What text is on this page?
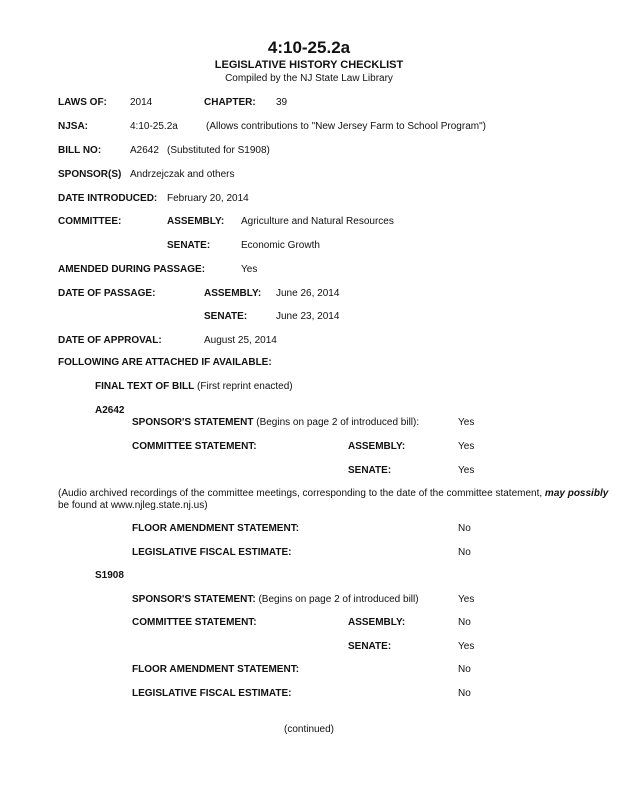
4:10-25.2a
LEGISLATIVE HISTORY CHECKLIST
Compiled by the NJ State Law Library
LAWS OF: 2014	CHAPTER: 39
NJSA:	4:10-25.2a	(Allows contributions to "New Jersey Farm to School Program")
BILL NO:	A2642 (Substituted for S1908)
SPONSOR(S) Andrzejczak and others
DATE INTRODUCED: February 20, 2014
COMMITTEE:	ASSEMBLY: Agriculture and Natural Resources
SENATE:	Economic Growth
AMENDED DURING PASSAGE:	Yes
DATE OF PASSAGE:	ASSEMBLY: June 26, 2014
SENATE:	June 23, 2014
DATE OF APPROVAL:	August 25, 2014
FOLLOWING ARE ATTACHED IF AVAILABLE:
FINAL TEXT OF BILL (First reprint enacted)
A2642
SPONSOR'S STATEMENT (Begins on page 2 of introduced bill):	Yes
COMMITTEE STATEMENT:	ASSEMBLY:	Yes
SENATE:	Yes
(Audio archived recordings of the committee meetings, corresponding to the date of the committee statement, may possibly
be found at www.njleg.state.nj.us)
FLOOR AMENDMENT STATEMENT:	No
LEGISLATIVE FISCAL ESTIMATE:	No
S1908
SPONSOR'S STATEMENT: (Begins on page 2 of introduced bill)	Yes
COMMITTEE STATEMENT:	ASSEMBLY:	No
SENATE:	Yes
FLOOR AMENDMENT STATEMENT:	No
LEGISLATIVE FISCAL ESTIMATE:	No
(continued)
